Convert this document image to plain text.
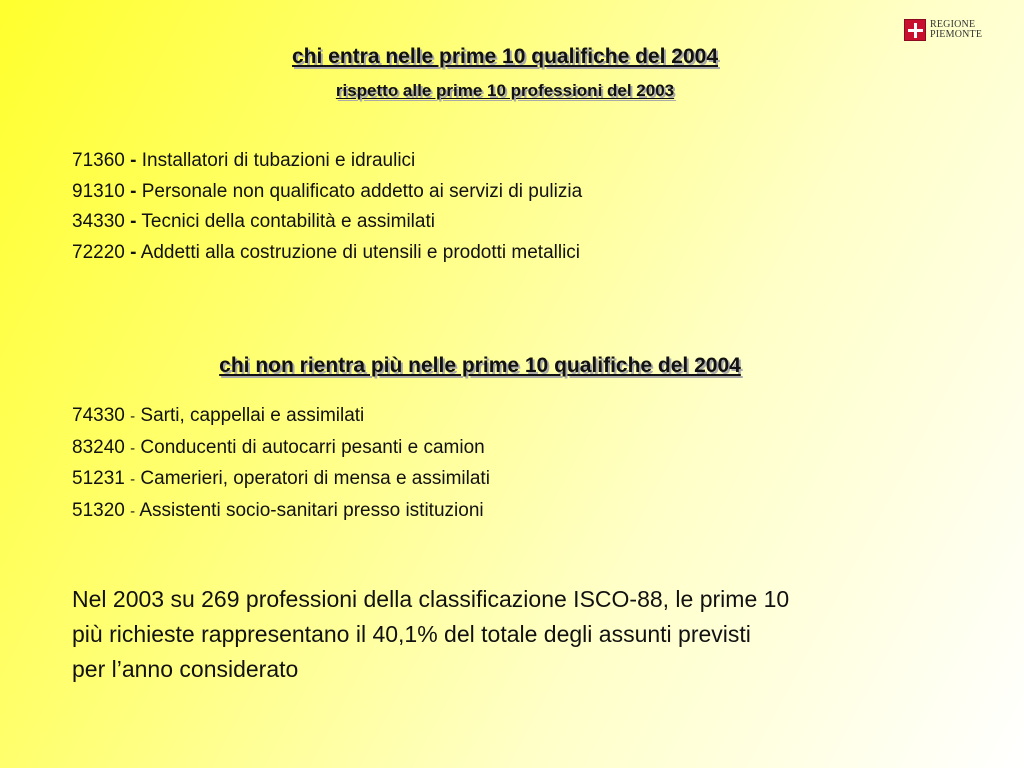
REGIONE
PIEMONTE
chi entra nelle prime 10 qualifiche del 2004
rispetto alle prime 10 professioni del 2003
71360 - Installatori di tubazioni e idraulici
91310 - Personale non qualificato addetto ai servizi di pulizia
34330 - Tecnici della contabilità e assimilati
72220 - Addetti alla costruzione di utensili e prodotti metallici
chi non rientra più nelle prime 10 qualifiche del 2004
74330 - Sarti, cappellai e assimilati
83240 - Conducenti di autocarri pesanti e camion
51231 - Camerieri, operatori di mensa e assimilati
51320 - Assistenti socio-sanitari presso istituzioni

Nel 2003 su 269 professioni della classificazione ISCO-88, le prime 10
più richieste rappresentano il 40,1% del totale degli assunti previsti
per l’anno considerato
